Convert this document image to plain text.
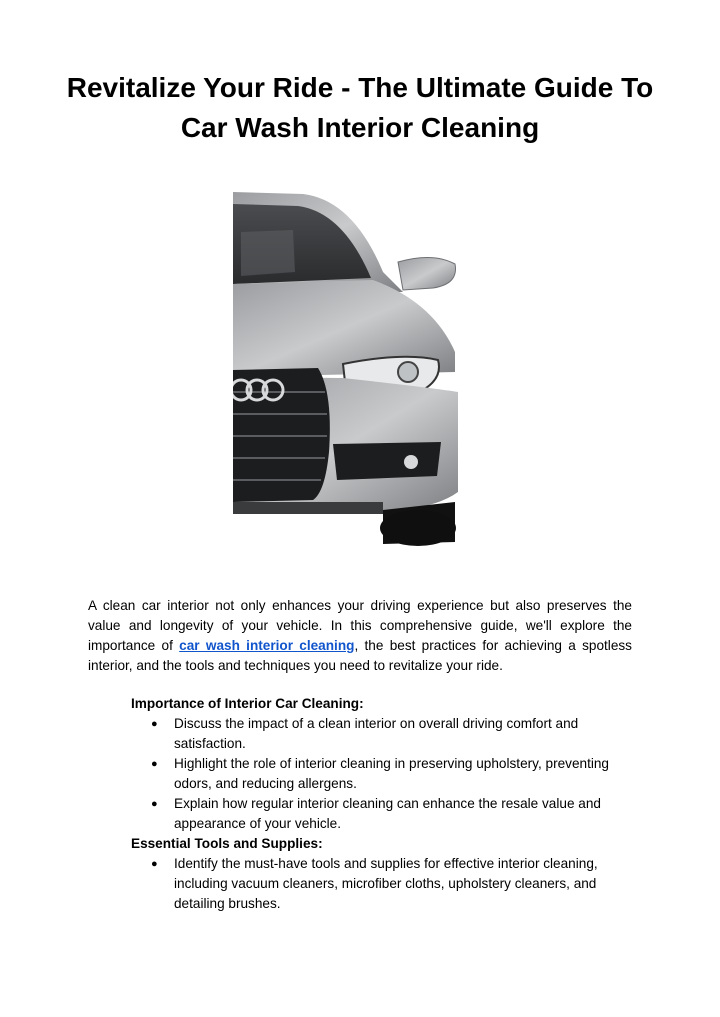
Revitalize Your Ride - The Ultimate Guide To Car Wash Interior Cleaning

A clean car interior not only enhances your driving experience but also preserves the value and longevity of your vehicle. In this comprehensive guide, we'll explore the importance of car wash interior cleaning, the best practices for achieving a spotless interior, and the tools and techniques you need to revitalize your ride.

Importance of Interior Car Cleaning:
● Discuss the impact of a clean interior on overall driving comfort and satisfaction.
● Highlight the role of interior cleaning in preserving upholstery, preventing odors, and reducing allergens.
● Explain how regular interior cleaning can enhance the resale value and appearance of your vehicle.
Essential Tools and Supplies:
● Identify the must-have tools and supplies for effective interior cleaning, including vacuum cleaners, microfiber cloths, upholstery cleaners, and detailing brushes.
